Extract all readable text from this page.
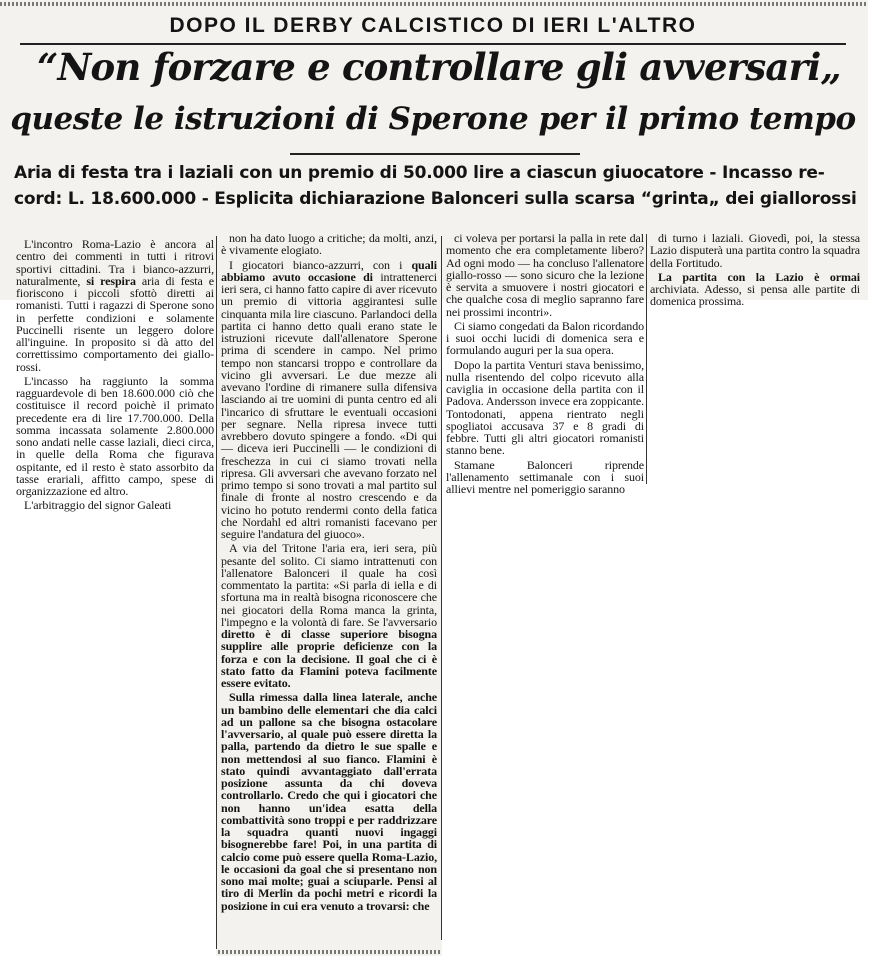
DOPO IL DERBY CALCISTICO DI IERI L'ALTRO
“Non forzare e controllare gli avversari„
queste le istruzioni di Sperone per il primo tempo
Aria di festa tra i laziali con un premio di 50.000 lire a ciascun giuocatore - Incasso re-
cord: L. 18.600.000 - Esplicita dichiarazione Balonceri sulla scarsa “grinta„ dei giallorossi

L'incontro Roma-Lazio è ancora al centro dei commenti in tutti i ritrovi sportivi cittadini. Tra i bianco-azzurri, naturalmente, si respira aria di festa e fioriscono i piccoli sfottò diretti ai romanisti. Tutti i ragazzi di Sperone sono in perfette condizioni e solamente Puccinelli risente un leggero dolore all'inguine. In proposito si dà atto del correttissimo comportamento dei giallo-rossi.

L'incasso ha raggiunto la somma ragguardevole di ben 18.600.000 ciò che costituisce il record poichè il primato precedente era di lire 17.700.000. Della somma incassata solamente 2.800.000 sono andati nelle casse laziali, dieci circa, in quelle della Roma che figurava ospitante, ed il resto è stato assorbito da tasse erariali, affitto campo, spese di organizzazione ed altro.

L'arbitraggio del signor Galeati

non ha dato luogo a critiche; da molti, anzi, è vivamente elogiato.

I giocatori bianco-azzurri, con i quali abbiamo avuto occasione di intrattenerci ieri sera, ci hanno fatto capire di aver ricevuto un premio di vittoria aggirantesi sulle cinquanta mila lire ciascuno. Parlandoci della partita ci hanno detto quali erano state le istruzioni ricevute dall'allenatore Sperone prima di scendere in campo. Nel primo tempo non stancarsi troppo e controllare da vicino gli avversari. Le due mezze ali avevano l'ordine di rimanere sulla difensiva lasciando ai tre uomini di punta centro ed ali l'incarico di sfruttare le eventuali occasioni per segnare. Nella ripresa invece tutti avrebbero dovuto spingere a fondo. «Di qui — diceva ieri Puccinelli — le condizioni di freschezza in cui ci siamo trovati nella ripresa. Gli avversari che avevano forzato nel primo tempo si sono trovati a mal partito sul finale di fronte al nostro crescendo e da vicino ho potuto rendermi conto della fatica che Nordahl ed altri romanisti facevano per seguire l'andatura del giuoco».

A via del Tritone l'aria era, ieri sera, più pesante del solito. Ci siamo intrattenuti con l'allenatore Balonceri il quale ha così commentato la partita: «Si parla di iella e di sfortuna ma in realtà bisogna riconoscere che nei giocatori della Roma manca la grinta, l'impegno e la volontà di fare. Se l'avversario diretto è di classe superiore bisogna supplire alle proprie deficienze con la forza e con la decisione. Il goal che ci è stato fatto da Flamini poteva facilmente essere evitato.

Sulla rimessa dalla linea laterale, anche un bambino delle elementari che dia calci ad un pallone sa che bisogna ostacolare l'avversario, al quale può essere diretta la palla, partendo da dietro le sue spalle e non mettendosi al suo fianco. Flamini è stato quindi avvantaggiato dall'errata posizione assunta da chi doveva controllarlo. Credo che qui i giocatori che non hanno un'idea esatta della combattività sono troppi e per raddrizzare la squadra quanti nuovi ingaggi bisognerebbe fare! Poi, in una partita di calcio come può essere quella Roma-Lazio, le occasioni da goal che si presentano non sono mai molte; guai a sciuparle. Pensi al tiro di Merlin da pochi metri e ricordi la posizione in cui era venuto a trovarsi: che

ci voleva per portarsi la palla in rete dal momento che era completamente libero? Ad ogni modo — ha concluso l'allenatore giallo-rosso — sono sicuro che la lezione è servita a smuovere i nostri giocatori e che qualche cosa di meglio sapranno fare nei prossimi incontri».

Ci siamo congedati da Balon ricordando i suoi occhi lucidi di domenica sera e formulando auguri per la sua opera.

Dopo la partita Venturi stava benissimo, nulla risentendo del colpo ricevuto alla caviglia in occasione della partita con il Padova. Andersson invece era zoppicante. Tontodonati, appena rientrato negli spogliatoi accusava 37 e 8 gradi di febbre. Tutti gli altri giocatori romanisti stanno bene.

Stamane Balonceri riprende l'allenamento settimanale con i suoi allievi mentre nel pomeriggio saranno

di turno i laziali. Giovedì, poi, la stessa Lazio disputerà una partita contro la squadra della Fortitudo.

La partita con la Lazio è ormai archiviata. Adesso, si pensa alle partite di domenica prossima.
